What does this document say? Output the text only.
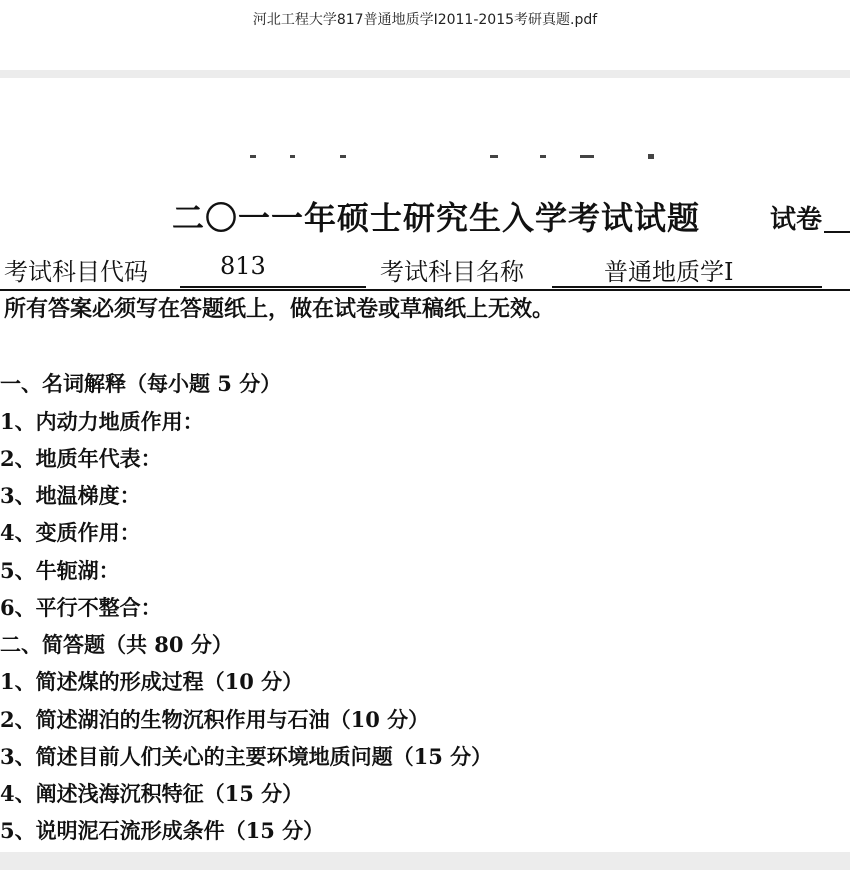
河北工程大学817普通地质学Ⅰ2011-2015考研真题.pdf
二〇一一年硕士研究生入学考试试题	试卷
考试科目代码	813	考试科目名称	普通地质学Ⅰ
所有答案必须写在答题纸上，做在试卷或草稿纸上无效。
一、名词解释（每小题 5 分）
1、内动力地质作用：
2、地质年代表：
3、地温梯度：
4、变质作用：
5、牛轭湖：
6、平行不整合：
二、简答题（共 80 分）
1、简述煤的形成过程（10 分）
2、简述湖泊的生物沉积作用与石油（10 分）
3、简述目前人们关心的主要环境地质问题（15 分）
4、阐述浅海沉积特征（15 分）
5、说明泥石流形成条件（15 分）
